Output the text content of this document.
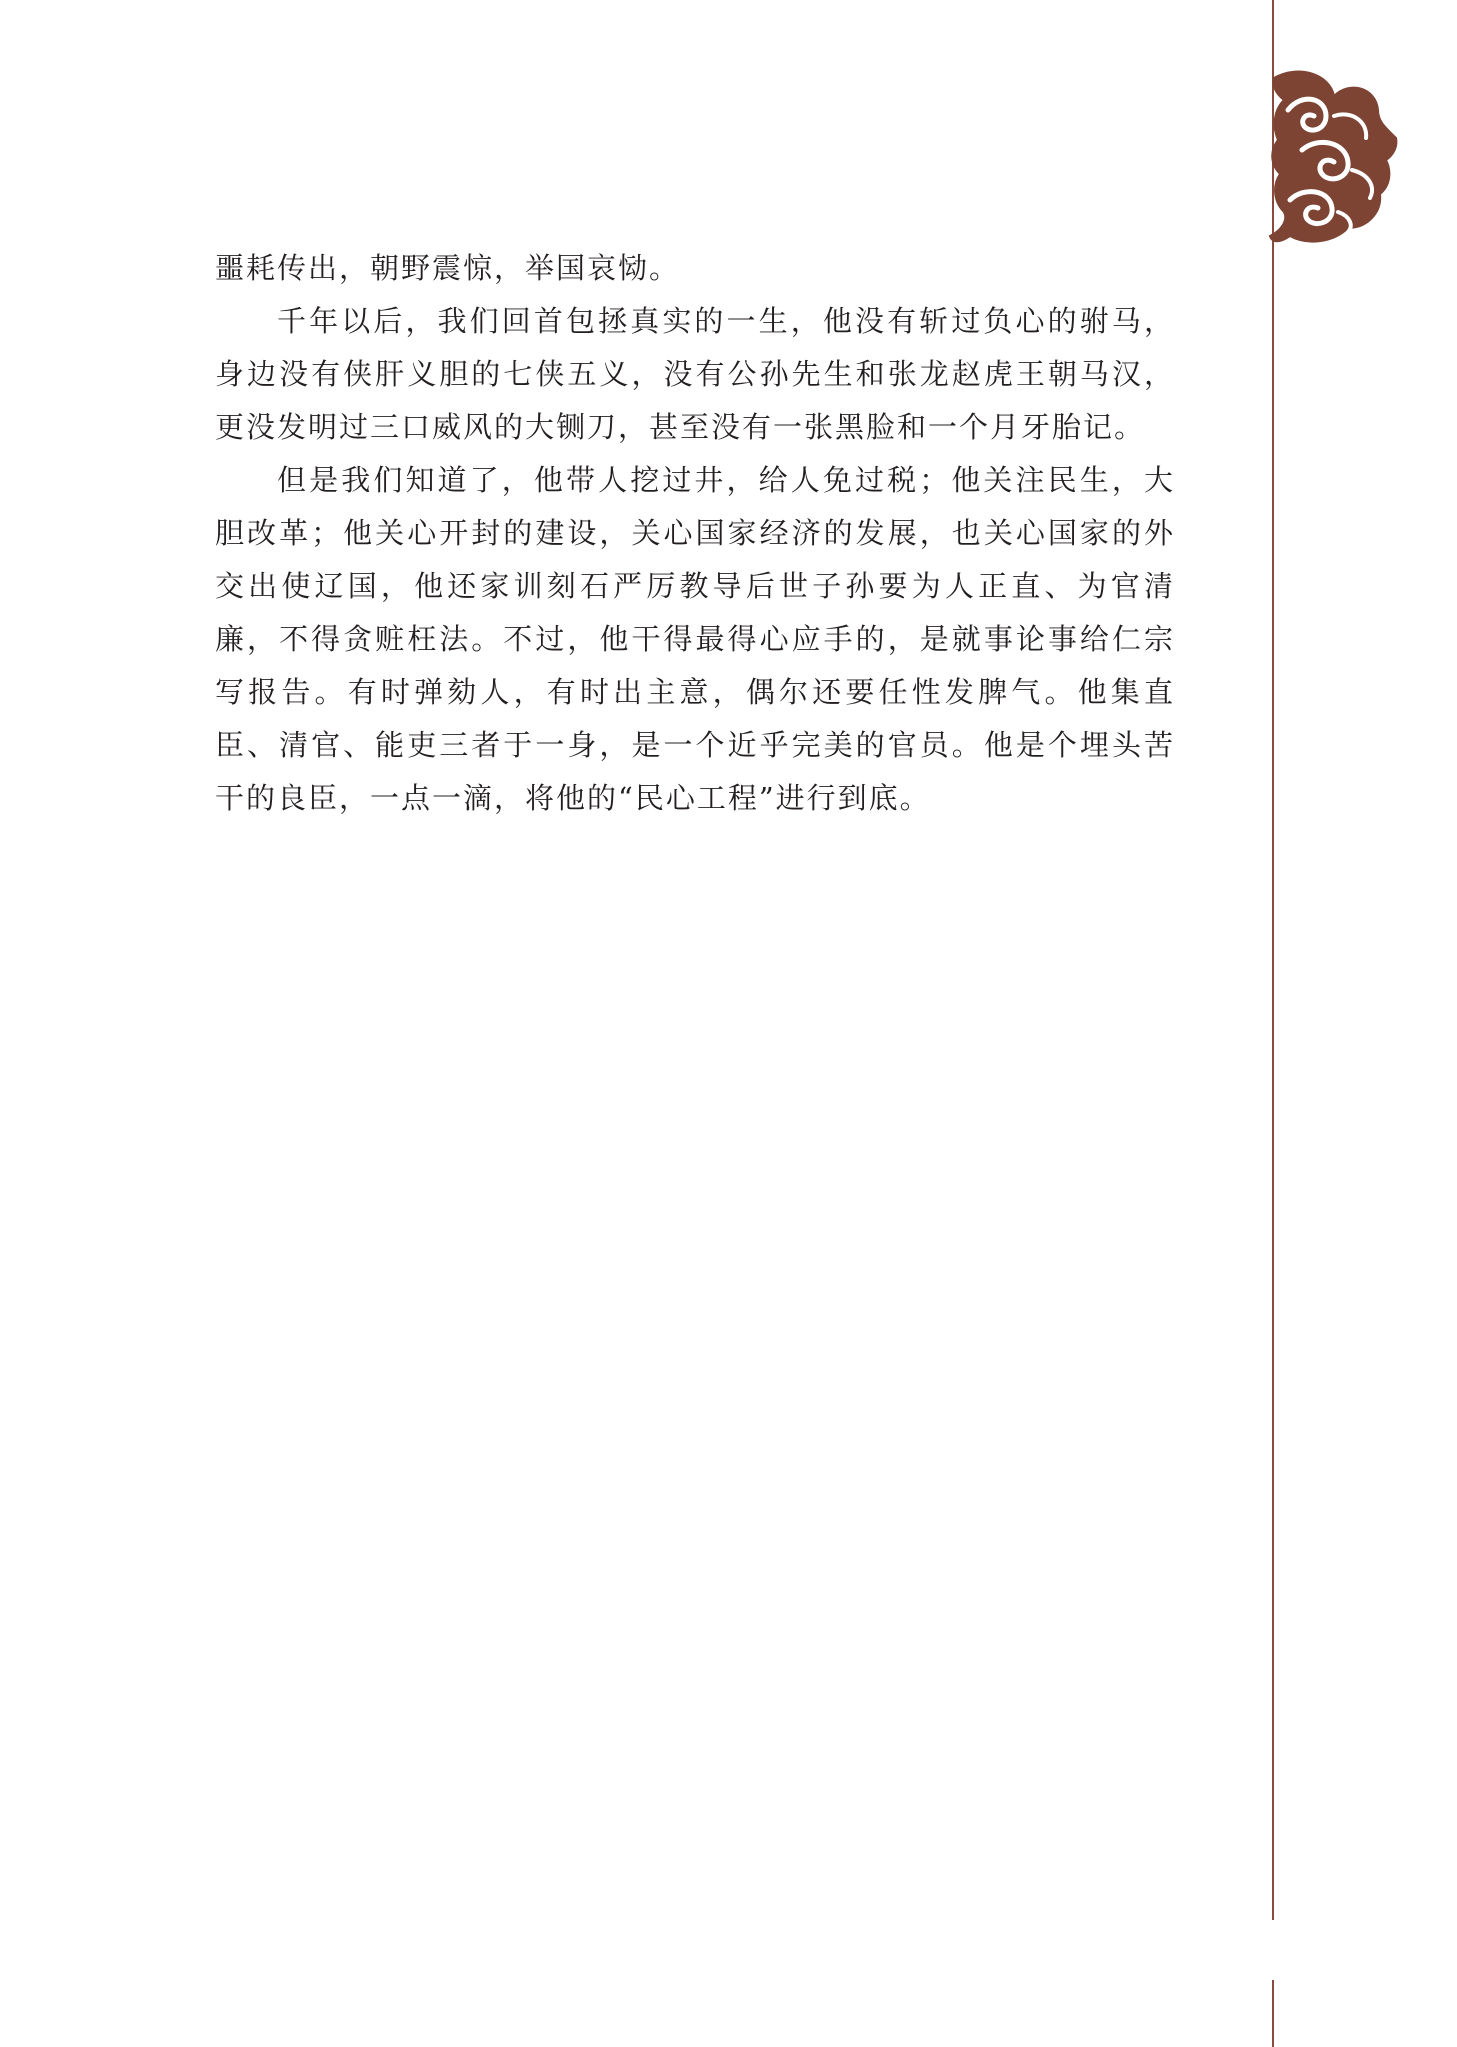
噩耗传出，朝野震惊，举国哀恸。

千年以后，我们回首包拯真实的一生，他没有斩过负心的驸马，身边没有侠肝义胆的七侠五义，没有公孙先生和张龙赵虎王朝马汉，更没发明过三口威风的大铡刀，甚至没有一张黑脸和一个月牙胎记。

但是我们知道了，他带人挖过井，给人免过税；他关注民生，大胆改革；他关心开封的建设，关心国家经济的发展，也关心国家的外交出使辽国，他还家训刻石严厉教导后世子孙要为人正直、为官清廉，不得贪赃枉法。不过，他干得最得心应手的，是就事论事给仁宗写报告。有时弹劾人，有时出主意，偶尔还要任性发脾气。他集直臣、清官、能吏三者于一身，是一个近乎完美的官员。他是个埋头苦干的良臣，一点一滴，将他的“民心工程”进行到底。
